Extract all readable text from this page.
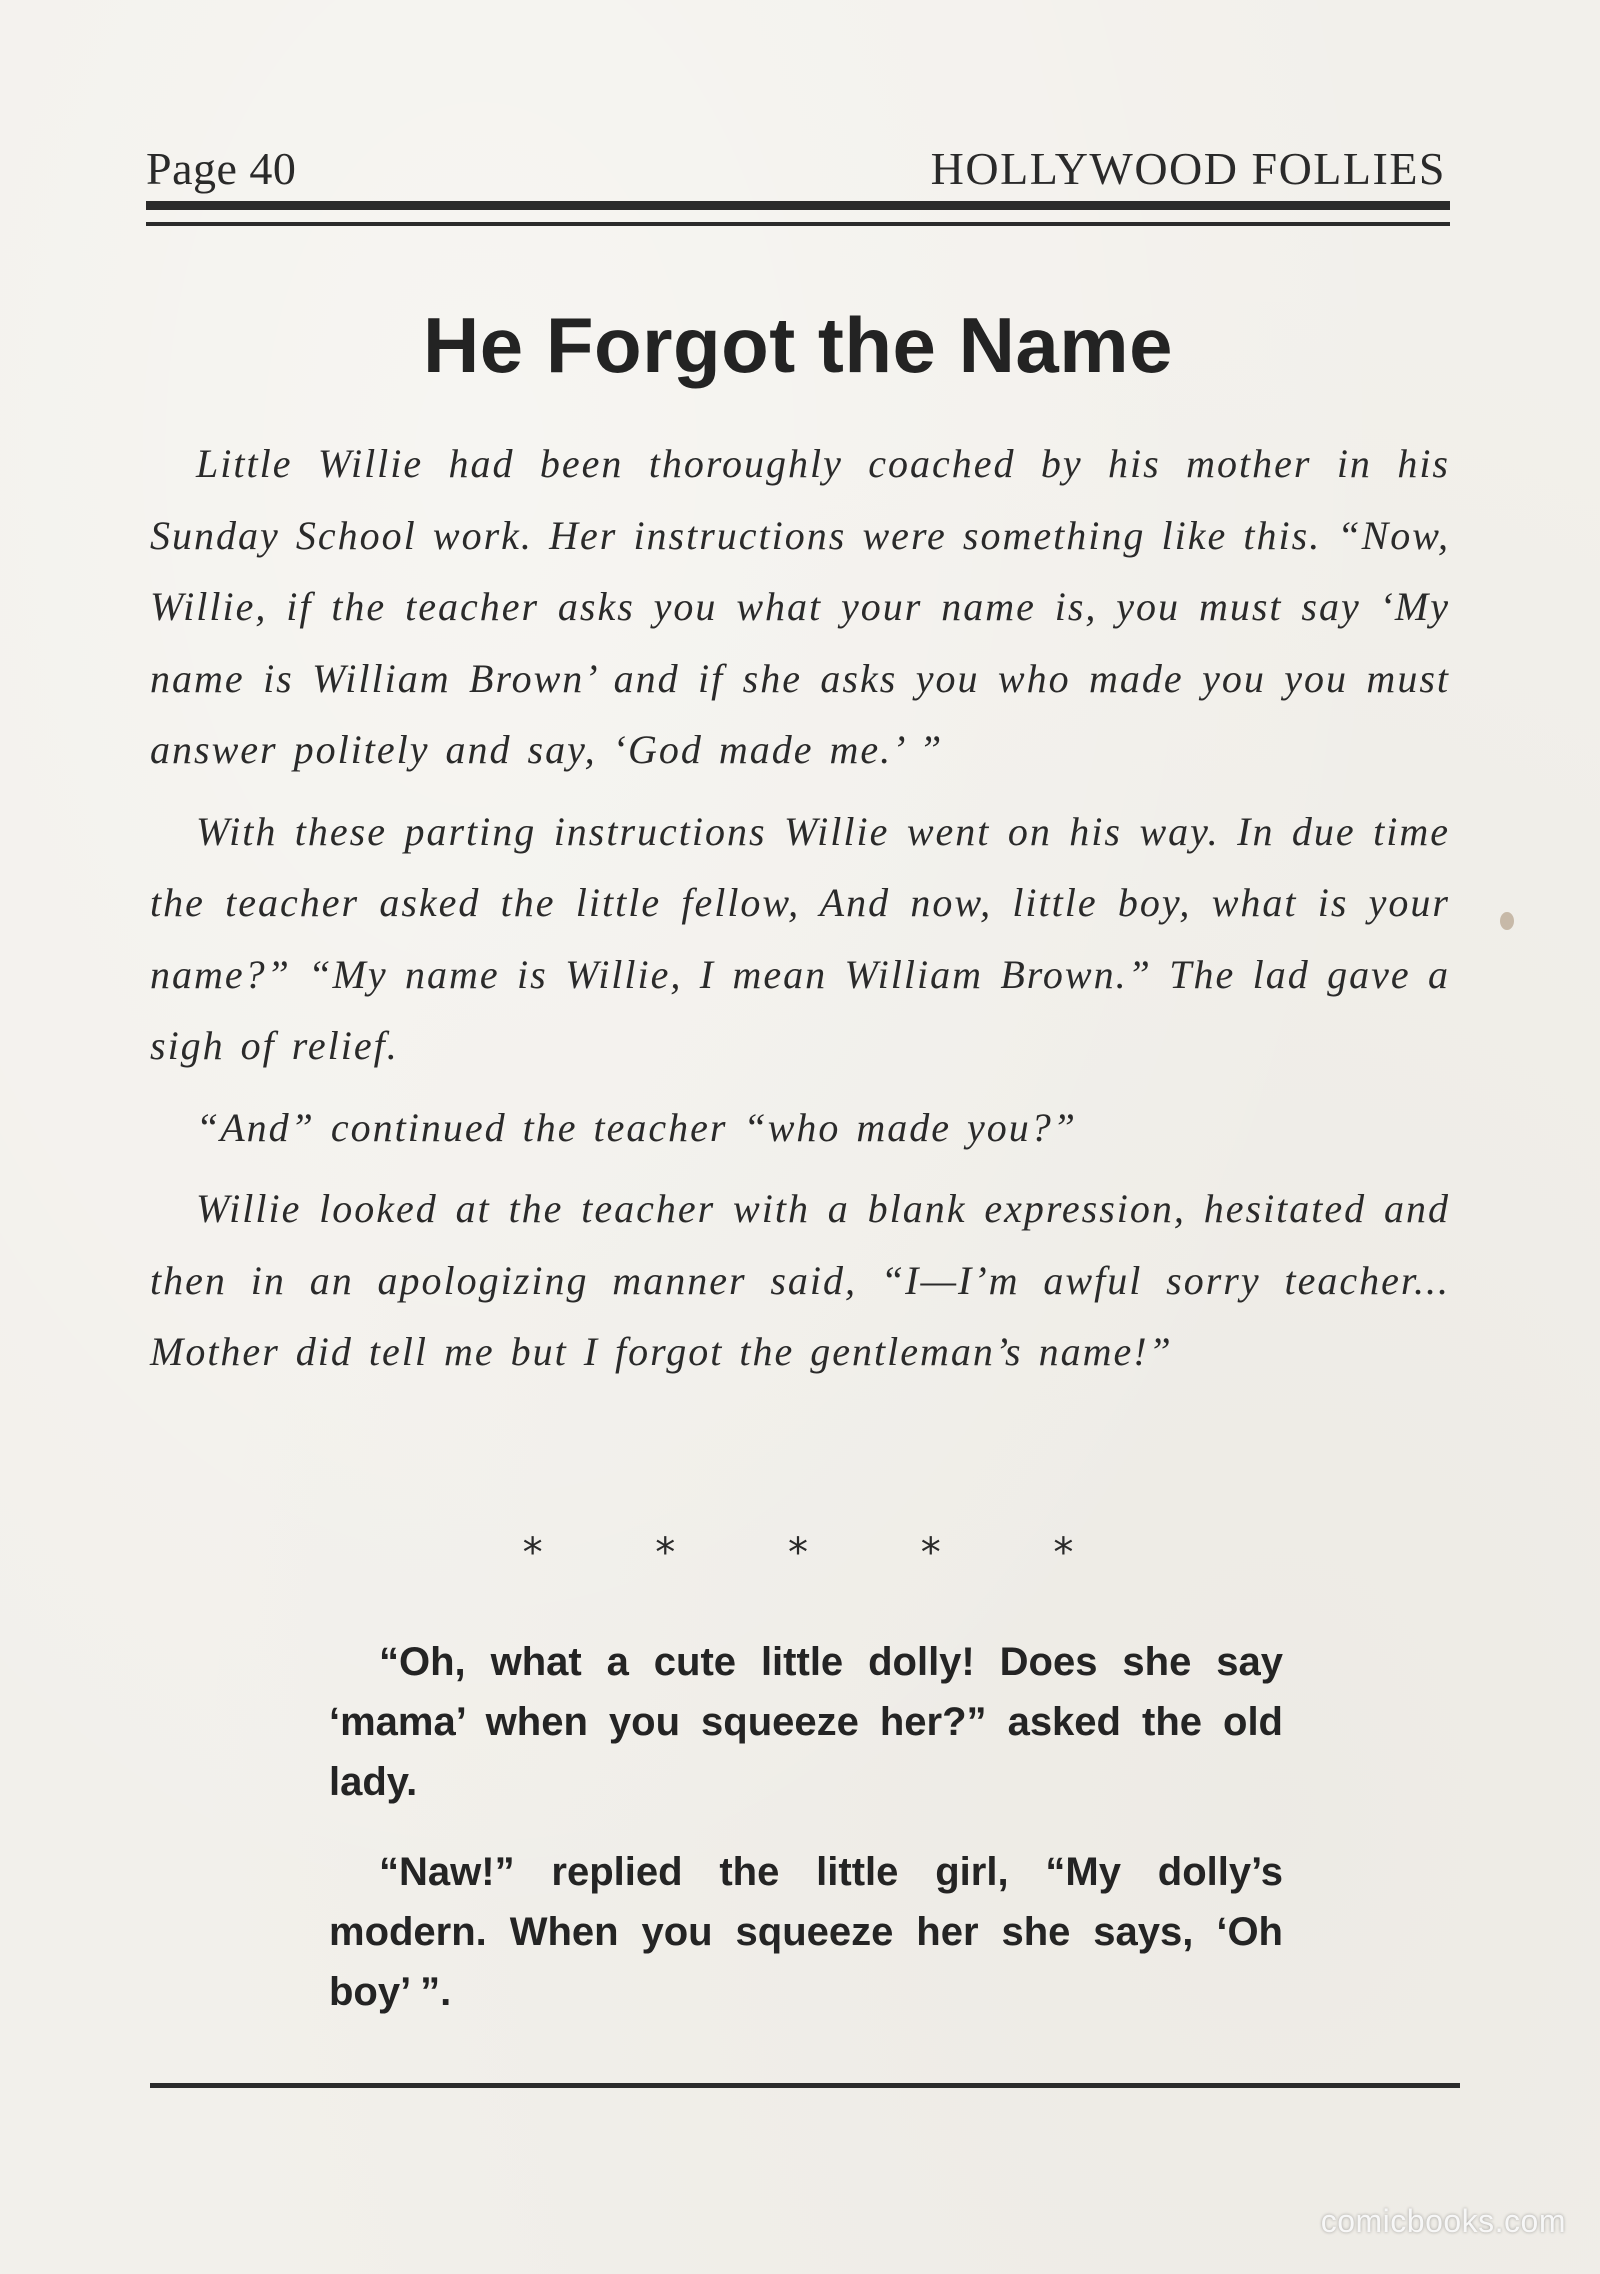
Page 40	HOLLYWOOD FOLLIES
He Forgot the Name

Little Willie had been thoroughly coached by his mother in his Sunday School work. Her instructions were something like this. “Now, Willie, if the teacher asks you what your name is, you must say ‘My name is William Brown’ and if she asks you who made you you must answer politely and say, ‘God made me.’ ”

With these parting instructions Willie went on his way. In due time the teacher asked the little fellow, And now, little boy, what is your name?” “My name is Willie, I mean William Brown.” The lad gave a sigh of relief.

“And” continued the teacher “who made you?”

Willie looked at the teacher with a blank expression, hesitated and then in an apologizing manner said, “I—I’m awful sorry teacher... Mother did tell me but I forgot the gentleman’s name!”

* * * * *

“Oh, what a cute little dolly! Does she say ‘mama’ when you squeeze her?” asked the old lady.

“Naw!” replied the little girl, “My dolly’s modern. When you squeeze her she says, ‘Oh boy’ ”.

comicbooks.com
